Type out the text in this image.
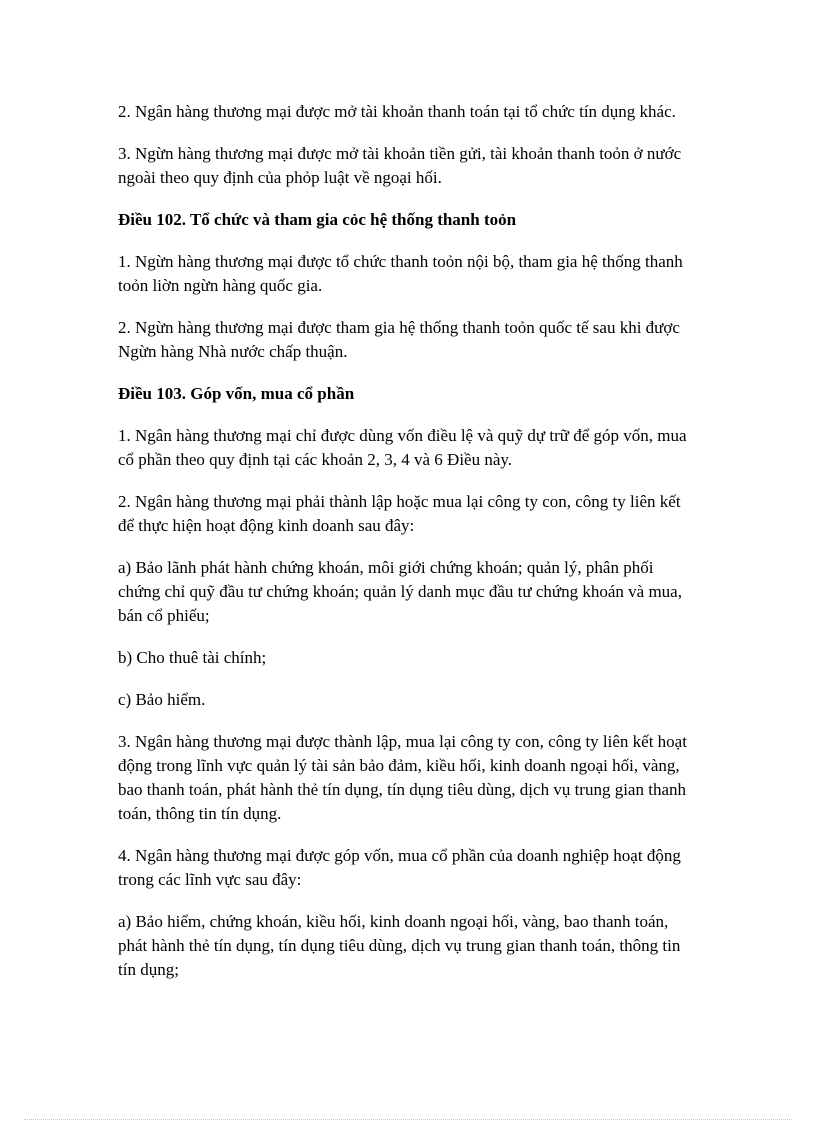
2. Ngân hàng thương mại được mở tài khoản thanh toán tại tổ chức tín dụng khác.

3. Ngừn hàng thương mại được mở tài khoản tiền gửi, tài khoản thanh toỏn ở nước ngoài theo quy định của phỏp luật về ngoại hối.

Điều 102. Tổ chức và tham gia cỏc hệ thống thanh toỏn

1. Ngừn hàng thương mại được tổ chức thanh toỏn nội bộ, tham gia hệ thống thanh toỏn liờn ngừn hàng quốc gia.

2. Ngừn hàng thương mại được tham gia hệ thống thanh toỏn quốc tế sau khi được Ngừn hàng Nhà nước chấp thuận.

Điều 103. Góp vốn, mua cổ phần

1. Ngân hàng thương mại chỉ được dùng vốn điều lệ và quỹ dự trữ để góp vốn, mua cổ phần theo quy định tại các khoản 2, 3, 4 và 6 Điều này.

2. Ngân hàng thương mại phải thành lập hoặc mua lại công ty con, công ty liên kết để thực hiện hoạt động kinh doanh sau đây:

a) Bảo lãnh phát hành chứng khoán, môi giới chứng khoán; quản lý, phân phối chứng chỉ quỹ đầu tư chứng khoán; quản lý danh mục đầu tư chứng khoán và mua, bán cổ phiếu;

b) Cho thuê tài chính;

c) Bảo hiểm.

3. Ngân hàng thương mại được thành lập, mua lại công ty con, công ty liên kết hoạt động trong lĩnh vực quản lý tài sản bảo đảm, kiều hối, kinh doanh ngoại hối, vàng, bao thanh toán, phát hành thẻ tín dụng, tín dụng tiêu dùng, dịch vụ trung gian thanh toán, thông tin tín dụng.

4. Ngân hàng thương mại được góp vốn, mua cổ phần của doanh nghiệp hoạt động trong các lĩnh vực sau đây:

a) Bảo hiểm, chứng khoán, kiều hối, kinh doanh ngoại hối, vàng, bao thanh toán, phát hành thẻ tín dụng, tín dụng tiêu dùng, dịch vụ trung gian thanh toán, thông tin tín dụng;
